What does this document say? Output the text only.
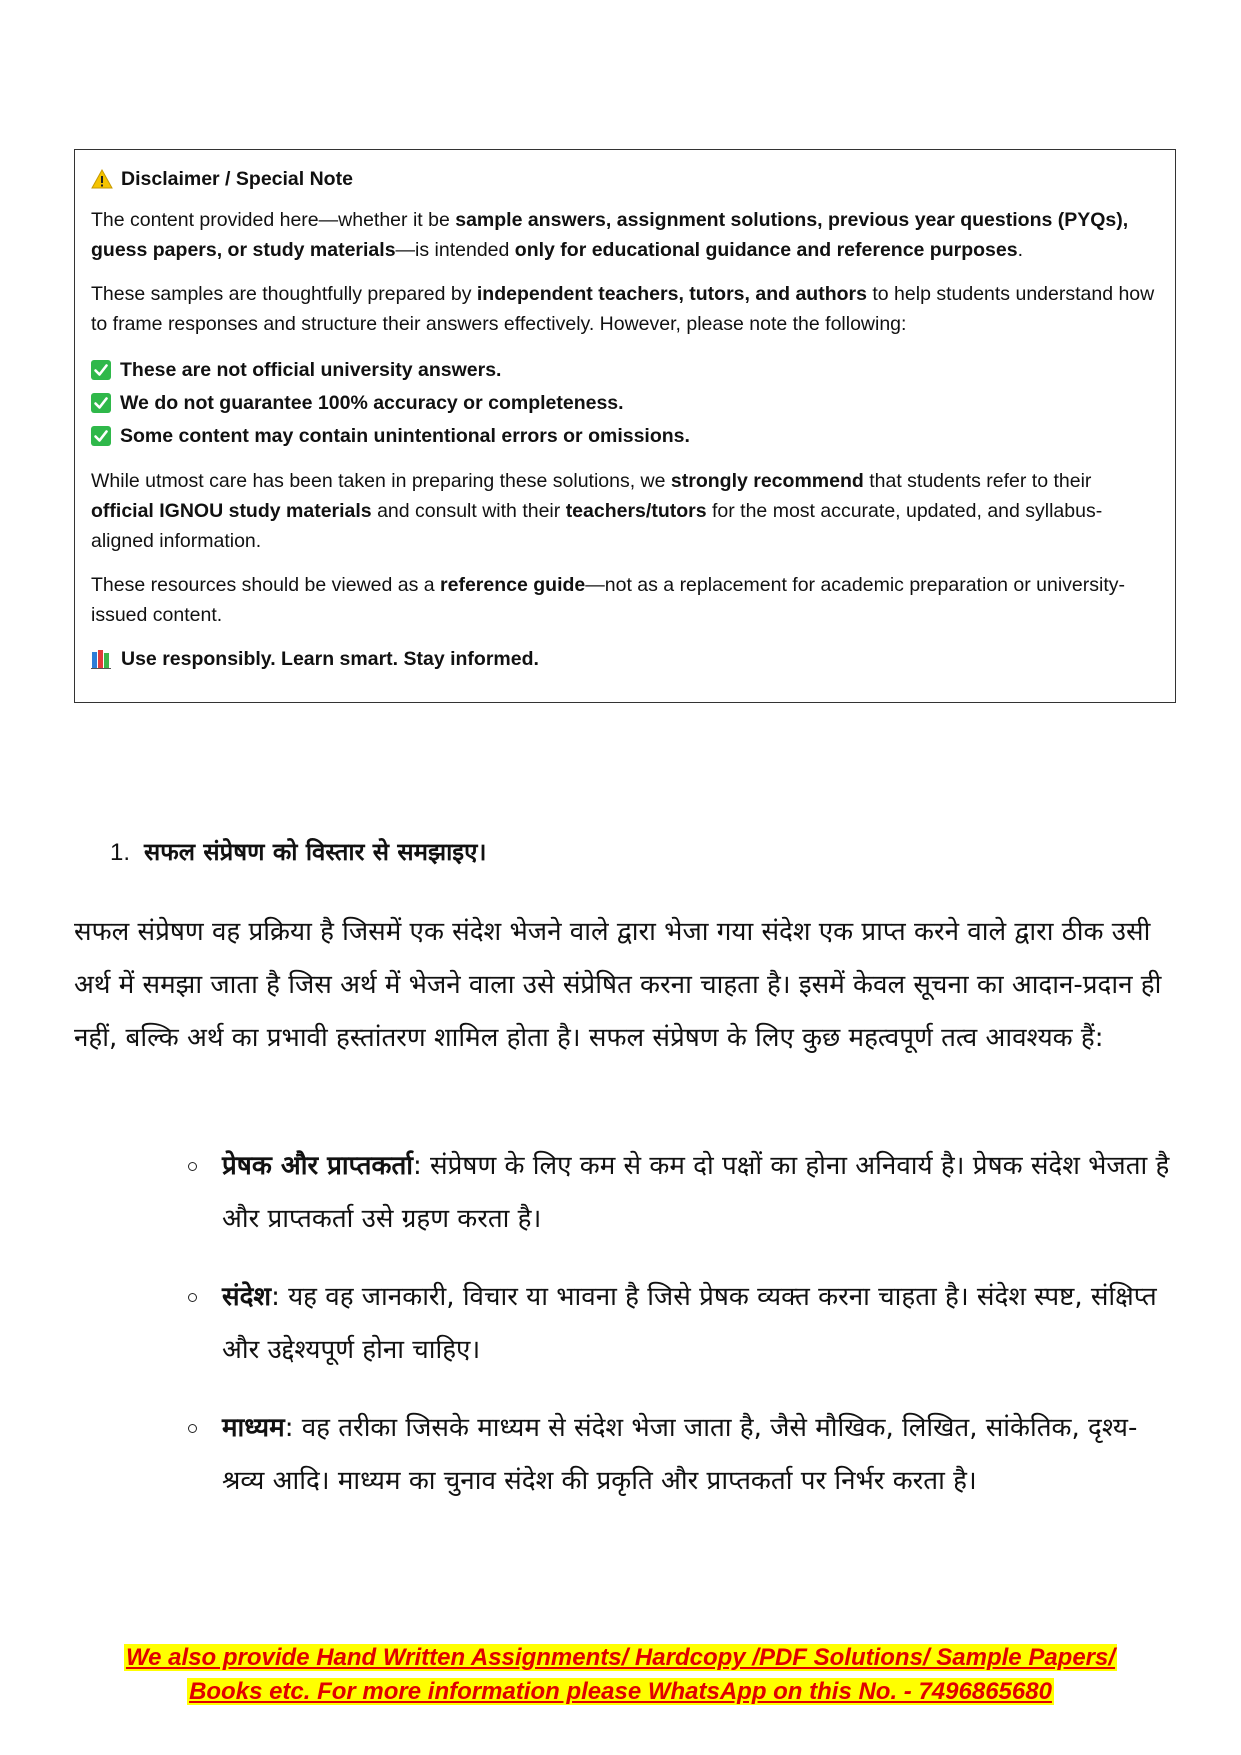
Disclaimer / Special Note

The content provided here—whether it be sample answers, assignment solutions, previous year questions (PYQs), guess papers, or study materials—is intended only for educational guidance and reference purposes.

These samples are thoughtfully prepared by independent teachers, tutors, and authors to help students understand how to frame responses and structure their answers effectively. However, please note the following:

These are not official university answers.
We do not guarantee 100% accuracy or completeness.
Some content may contain unintentional errors or omissions.

While utmost care has been taken in preparing these solutions, we strongly recommend that students refer to their official IGNOU study materials and consult with their teachers/tutors for the most accurate, updated, and syllabus-aligned information.

These resources should be viewed as a reference guide—not as a replacement for academic preparation or university-issued content.

Use responsibly. Learn smart. Stay informed.
1. सफल संप्रेषण को विस्तार से समझाइए।

सफल संप्रेषण वह प्रक्रिया है जिसमें एक संदेश भेजने वाले द्वारा भेजा गया संदेश एक प्राप्त करने वाले द्वारा ठीक उसी अर्थ में समझा जाता है जिस अर्थ में भेजने वाला उसे संप्रेषित करना चाहता है। इसमें केवल सूचना का आदान-प्रदान ही नहीं, बल्कि अर्थ का प्रभावी हस्तांतरण शामिल होता है। सफल संप्रेषण के लिए कुछ महत्वपूर्ण तत्व आवश्यक हैं:

प्रेषक और प्राप्तकर्ता: संप्रेषण के लिए कम से कम दो पक्षों का होना अनिवार्य है। प्रेषक संदेश भेजता है और प्राप्तकर्ता उसे ग्रहण करता है।
संदेश: यह वह जानकारी, विचार या भावना है जिसे प्रेषक व्यक्त करना चाहता है। संदेश स्पष्ट, संक्षिप्त और उद्देश्यपूर्ण होना चाहिए।
माध्यम: वह तरीका जिसके माध्यम से संदेश भेजा जाता है, जैसे मौखिक, लिखित, सांकेतिक, दृश्य-श्रव्य आदि। माध्यम का चुनाव संदेश की प्रकृति और प्राप्तकर्ता पर निर्भर करता है।
We also provide Hand Written Assignments/ Hardcopy /PDF Solutions/ Sample Papers/
Books etc. For more information please WhatsApp on this No. - 7496865680
